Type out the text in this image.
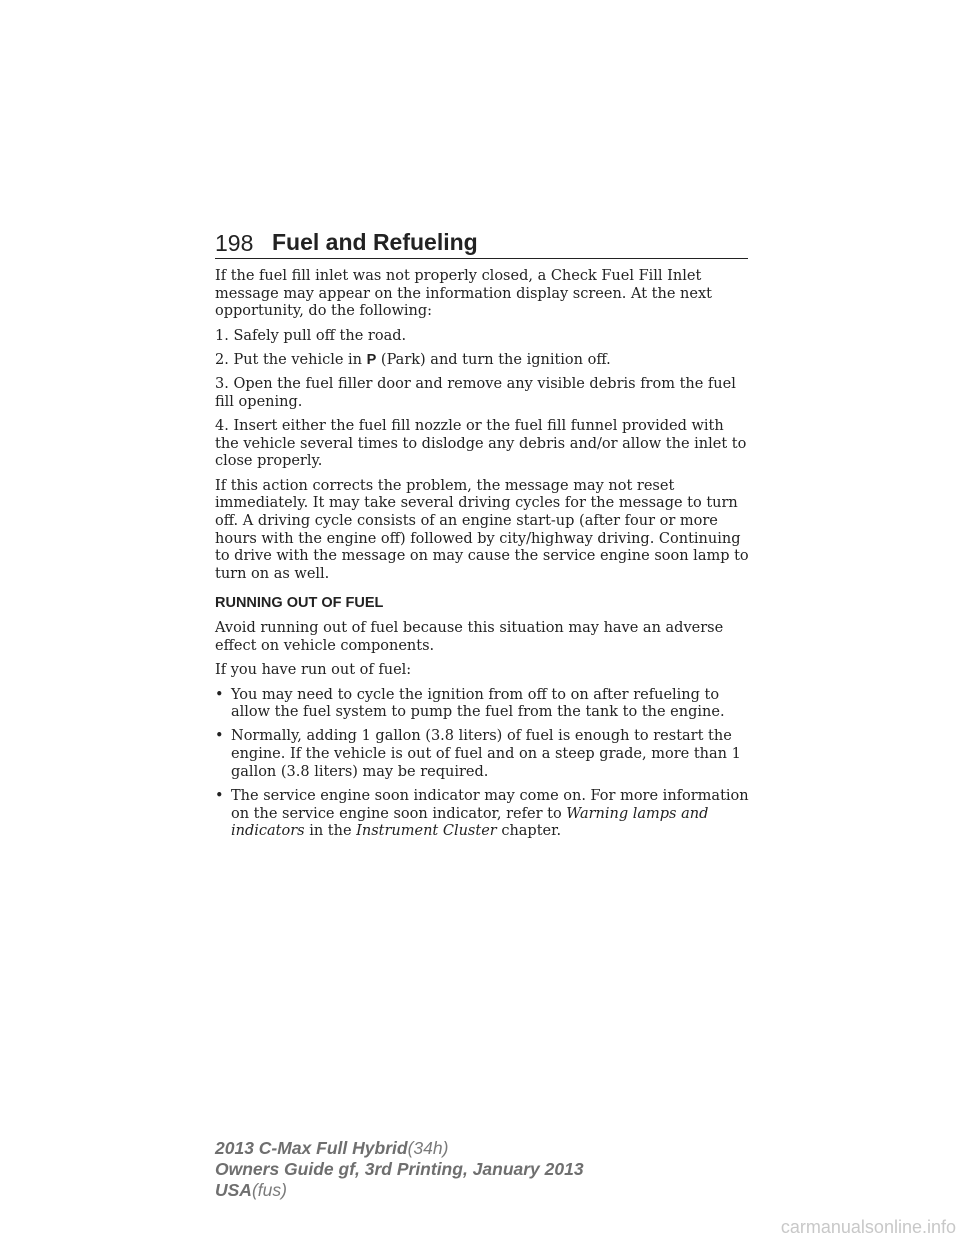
198 Fuel and Refueling

If the fuel fill inlet was not properly closed, a Check Fuel Fill Inlet message may appear on the information display screen. At the next opportunity, do the following:

1. Safely pull off the road.

2. Put the vehicle in P (Park) and turn the ignition off.

3. Open the fuel filler door and remove any visible debris from the fuel fill opening.

4. Insert either the fuel fill nozzle or the fuel fill funnel provided with the vehicle several times to dislodge any debris and/or allow the inlet to close properly.

If this action corrects the problem, the message may not reset immediately. It may take several driving cycles for the message to turn off. A driving cycle consists of an engine start-up (after four or more hours with the engine off) followed by city/highway driving. Continuing to drive with the message on may cause the service engine soon lamp to turn on as well.

RUNNING OUT OF FUEL

Avoid running out of fuel because this situation may have an adverse effect on vehicle components.

If you have run out of fuel:

• You may need to cycle the ignition from off to on after refueling to allow the fuel system to pump the fuel from the tank to the engine.
• Normally, adding 1 gallon (3.8 liters) of fuel is enough to restart the engine. If the vehicle is out of fuel and on a steep grade, more than 1 gallon (3.8 liters) may be required.
• The service engine soon indicator may come on. For more information on the service engine soon indicator, refer to Warning lamps and indicators in the Instrument Cluster chapter.
2013 C-Max Full Hybrid(34h)
Owners Guide gf, 3rd Printing, January 2013
USA(fus)
carmanualsonline.info
